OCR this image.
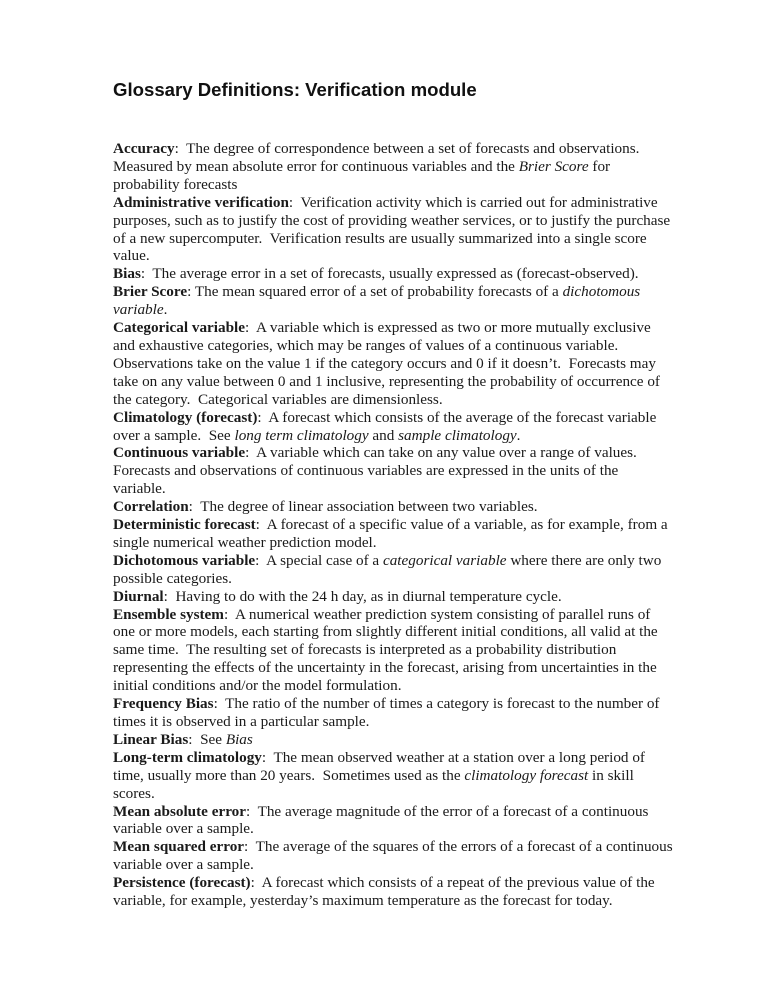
Glossary Definitions: Verification module

Accuracy:  The degree of correspondence between a set of forecasts and observations. Measured by mean absolute error for continuous variables and the Brier Score for probability forecasts

Administrative verification:  Verification activity which is carried out for administrative purposes, such as to justify the cost of providing weather services, or to justify the purchase of a new supercomputer.  Verification results are usually summarized into a single score value.

Bias:  The average error in a set of forecasts, usually expressed as (forecast-observed).

Brier Score: The mean squared error of a set of probability forecasts of a dichotomous variable.

Categorical variable:  A variable which is expressed as two or more mutually exclusive and exhaustive categories, which may be ranges of values of a continuous variable. Observations take on the value 1 if the category occurs and 0 if it doesn’t.  Forecasts may take on any value between 0 and 1 inclusive, representing the probability of occurrence of the category.  Categorical variables are dimensionless.

Climatology (forecast):  A forecast which consists of the average of the forecast variable over a sample.  See long term climatology and sample climatology.

Continuous variable:  A variable which can take on any value over a range of values. Forecasts and observations of continuous variables are expressed in the units of the variable.

Correlation:  The degree of linear association between two variables.

Deterministic forecast:  A forecast of a specific value of a variable, as for example, from a single numerical weather prediction model.

Dichotomous variable:  A special case of a categorical variable where there are only two possible categories.

Diurnal:  Having to do with the 24 h day, as in diurnal temperature cycle.

Ensemble system:  A numerical weather prediction system consisting of parallel runs of one or more models, each starting from slightly different initial conditions, all valid at the same time.  The resulting set of forecasts is interpreted as a probability distribution representing the effects of the uncertainty in the forecast, arising from uncertainties in the initial conditions and/or the model formulation.

Frequency Bias:  The ratio of the number of times a category is forecast to the number of times it is observed in a particular sample.

Linear Bias:  See Bias

Long-term climatology:  The mean observed weather at a station over a long period of time, usually more than 20 years.  Sometimes used as the climatology forecast in skill scores.

Mean absolute error:  The average magnitude of the error of a forecast of a continuous variable over a sample.

Mean squared error:  The average of the squares of the errors of a forecast of a continuous variable over a sample.

Persistence (forecast):  A forecast which consists of a repeat of the previous value of the variable, for example, yesterday’s maximum temperature as the forecast for today.
